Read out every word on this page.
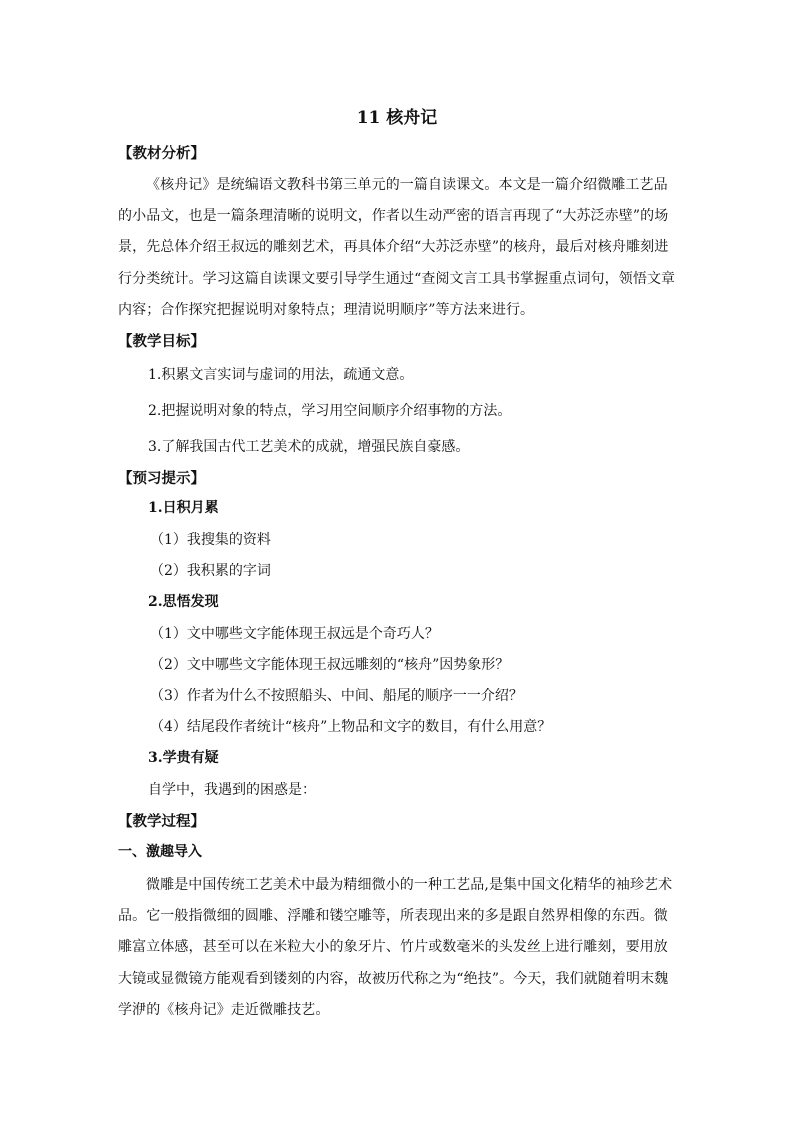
11 核舟记
【教材分析】

《核舟记》是统编语文教科书第三单元的一篇自读课文。本文是一篇介绍微雕工艺品的小品文，也是一篇条理清晰的说明文，作者以生动严密的语言再现了“大苏泛赤壁”的场景，先总体介绍王叔远的雕刻艺术，再具体介绍“大苏泛赤壁”的核舟，最后对核舟雕刻进行分类统计。学习这篇自读课文要引导学生通过“查阅文言工具书掌握重点词句，领悟文章内容；合作探究把握说明对象特点；理清说明顺序”等方法来进行。

【教学目标】

1.积累文言实词与虚词的用法，疏通文意。

2.把握说明对象的特点，学习用空间顺序介绍事物的方法。

3.了解我国古代工艺美术的成就，增强民族自豪感。

【预习提示】

1.日积月累

（1）我搜集的资料

（2）我积累的字词

2.思悟发现

（1）文中哪些文字能体现王叔远是个奇巧人？

（2）文中哪些文字能体现王叔远雕刻的“核舟”因势象形？

（3）作者为什么不按照船头、中间、船尾的顺序一一介绍？

（4）结尾段作者统计“核舟”上物品和文字的数目，有什么用意？

3.学贵有疑

自学中，我遇到的困惑是：

【教学过程】

一、激趣导入

微雕是中国传统工艺美术中最为精细微小的一种工艺品,是集中国文化精华的袖珍艺术品。它一般指微细的圆雕、浮雕和镂空雕等，所表现出来的多是跟自然界相像的东西。微雕富立体感，甚至可以在米粒大小的象牙片、竹片或数毫米的头发丝上进行雕刻，要用放大镜或显微镜方能观看到镂刻的内容，故被历代称之为“绝技”。今天，我们就随着明末魏学洢的《核舟记》走近微雕技艺。
